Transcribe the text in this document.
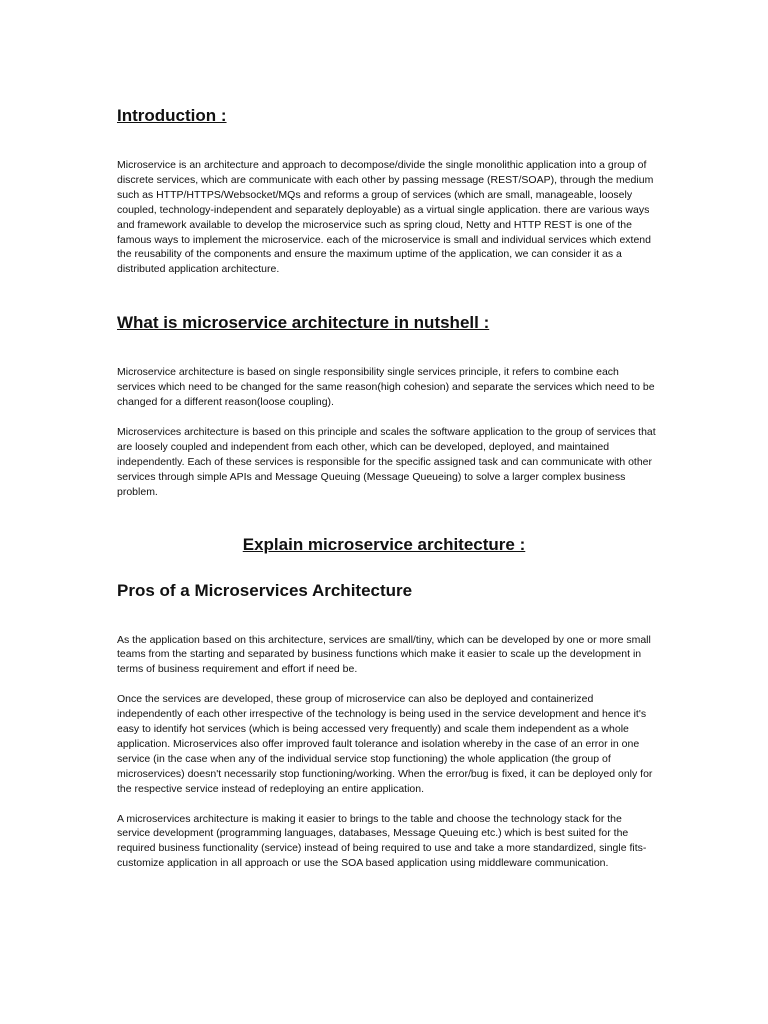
Introduction :

Microservice is an architecture and approach to decompose/divide the single monolithic application into a group of discrete services, which are communicate with each other by passing message (REST/SOAP), through the medium such as HTTP/HTTPS/Websocket/MQs and reforms a group of services (which are small, manageable, loosely coupled, technology-independent and separately deployable) as a virtual single application. there are various ways and framework available to develop the microservice such as spring cloud, Netty and HTTP REST is one of the famous ways to implement the microservice. each of the microservice is small and individual services which extend the reusability of the components and ensure the maximum uptime of the application, we can consider it as a distributed application architecture.

What is microservice architecture in nutshell :

Microservice architecture is based on single responsibility single services principle, it refers to combine each services which need to be changed for the same reason(high cohesion) and separate the services which need to be changed for a different reason(loose coupling).

Microservices architecture is based on this principle and scales the software application to the group of services that are loosely coupled and independent from each other, which can be developed, deployed, and maintained independently. Each of these services is responsible for the specific assigned task and can communicate with other services through simple APIs and Message Queuing (Message Queueing) to solve a larger complex business problem.

Explain microservice architecture :
Pros of a Microservices Architecture

As the application based on this architecture, services are small/tiny, which can be developed by one or more small teams from the starting and separated by business functions which make it easier to scale up the development in terms of business requirement and effort if need be.

Once the services are developed, these group of microservice can also be deployed and containerized independently of each other irrespective of the technology is being used in the service development and hence it's easy to identify hot services (which is being accessed very frequently) and scale them independent as a whole application. Microservices also offer improved fault tolerance and isolation whereby in the case of an error in one service (in the case when any of the individual service stop functioning) the whole application (the group of microservices) doesn't necessarily stop functioning/working. When the error/bug is fixed, it can be deployed only for the respective service instead of redeploying an entire application.

A microservices architecture is making it easier to brings to the table and choose the technology stack for the service development (programming languages, databases, Message Queuing etc.) which is best suited for the required business functionality (service) instead of being required to use and take a more standardized, single fits- customize application in all approach or use the SOA based application using middleware communication.
